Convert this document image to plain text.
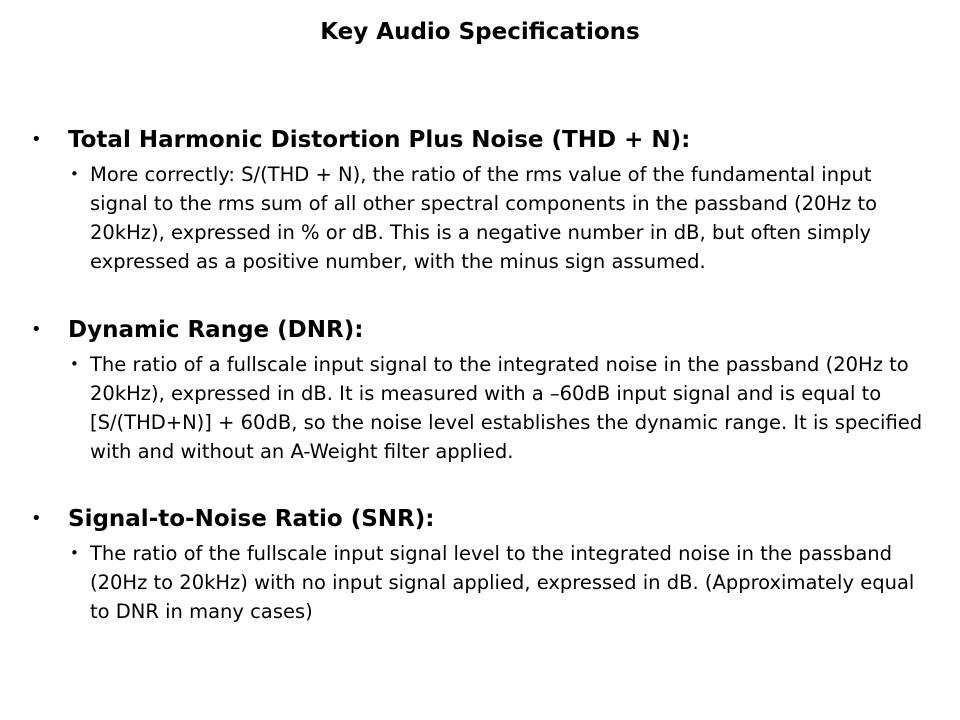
Key Audio Specifications
• Total Harmonic Distortion Plus Noise (THD + N):
• More correctly: S/(THD + N), the ratio of the rms value of the fundamental input signal to the rms sum of all other spectral components in the passband (20Hz to 20kHz), expressed in % or dB. This is a negative number in dB, but often simply expressed as a positive number, with the minus sign assumed.
• Dynamic Range (DNR):
• The ratio of a fullscale input signal to the integrated noise in the passband (20Hz to 20kHz), expressed in dB. It is measured with a –60dB input signal and is equal to [S/(THD+N)] + 60dB, so the noise level establishes the dynamic range. It is specified with and without an A-Weight filter applied.
• Signal-to-Noise Ratio (SNR):
• The ratio of the fullscale input signal level to the integrated noise in the passband (20Hz to 20kHz) with no input signal applied, expressed in dB. (Approximately equal to DNR in many cases)
